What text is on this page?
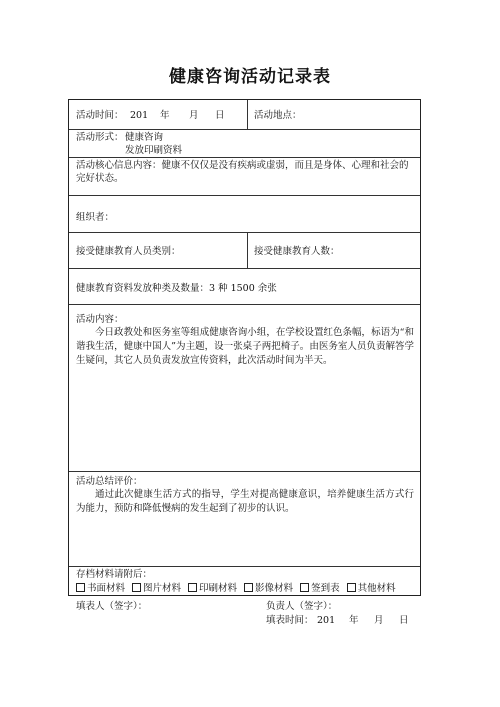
健康咨询活动记录表
活动时间： 201 年 月 日	活动地点：
活动形式： 健康咨询
发放印刷资料
活动核心信息内容：健康不仅仅是没有疾病或虚弱，而且是身体、心理和社会的完好状态。
组织者：
接受健康教育人员类别：	接受健康教育人数：
健康教育资料发放种类及数量：3 种 1500 余张
活动内容：
今日政教处和医务室等组成健康咨询小组，在学校设置红色条幅，标语为“和谐我生活，健康中国人”为主题，设一张桌子两把椅子。由医务室人员负责解答学生疑问，其它人员负责发放宣传资料，此次活动时间为半天。
活动总结评价：
通过此次健康生活方式的指导，学生对提高健康意识，培养健康生活方式行为能力，预防和降低慢病的发生起到了初步的认识。
存档材料请附后：
书面材料 图片材料 印刷材料 影像材料 签到表 其他材料
填表人（签字）：	负责人（签字）：
填表时间： 201 年 月 日
